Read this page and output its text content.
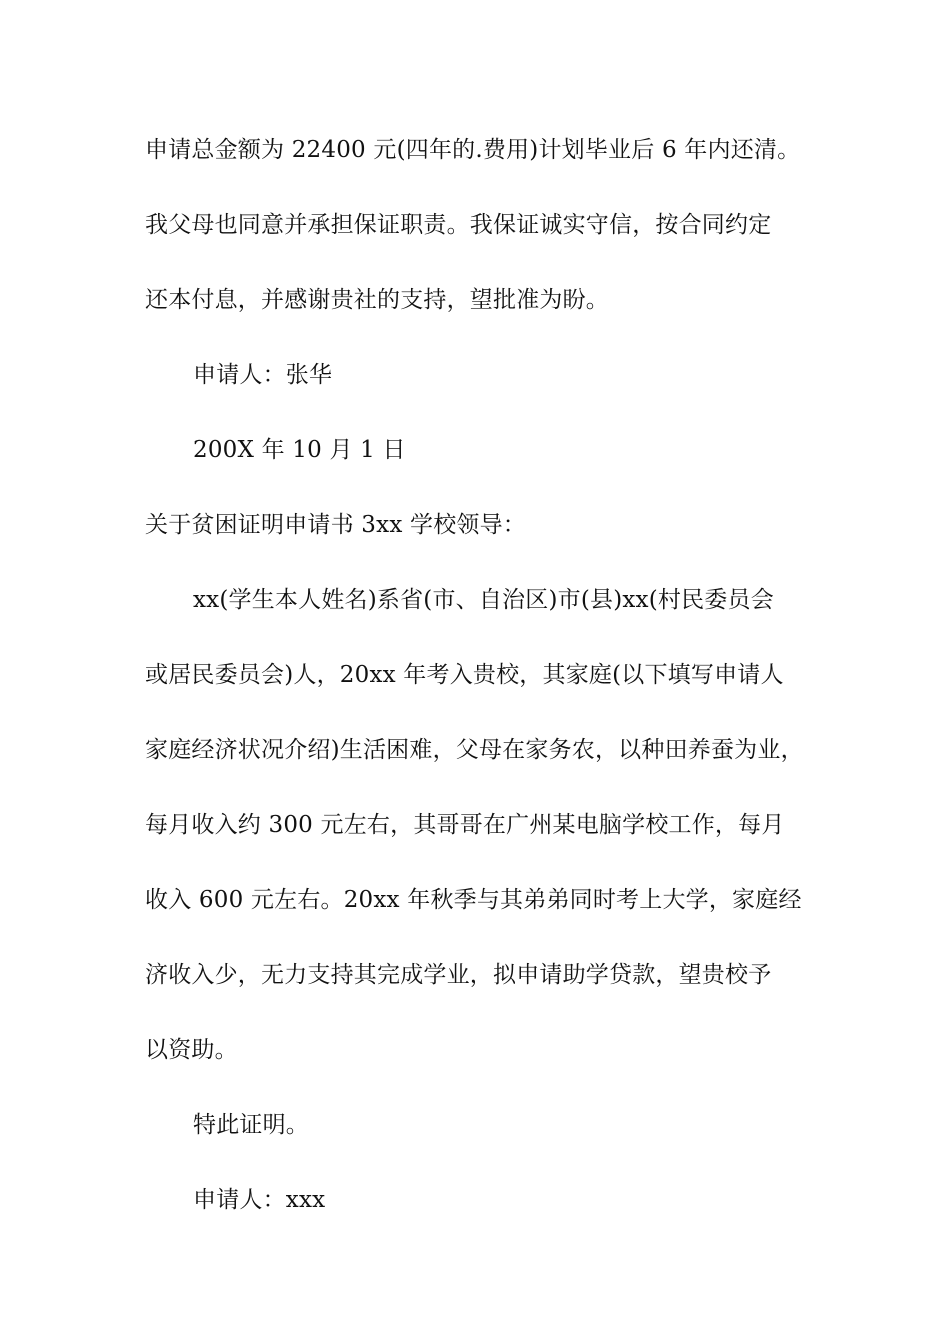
申请总金额为 22400 元(四年的.费用)计划毕业后 6 年内还清。
我父母也同意并承担保证职责。我保证诚实守信，按合同约定
还本付息，并感谢贵社的支持，望批准为盼。
申请人：张华
200X 年 10 月 1 日
关于贫困证明申请书 3xx 学校领导：
xx(学生本人姓名)系省(市、自治区)市(县)xx(村民委员会
或居民委员会)人，20xx 年考入贵校，其家庭(以下填写申请人
家庭经济状况介绍)生活困难，父母在家务农，以种田养蚕为业，
每月收入约 300 元左右，其哥哥在广州某电脑学校工作，每月
收入 600 元左右。20xx 年秋季与其弟弟同时考上大学，家庭经
济收入少，无力支持其完成学业，拟申请助学贷款，望贵校予
以资助。
特此证明。
申请人：xxx
